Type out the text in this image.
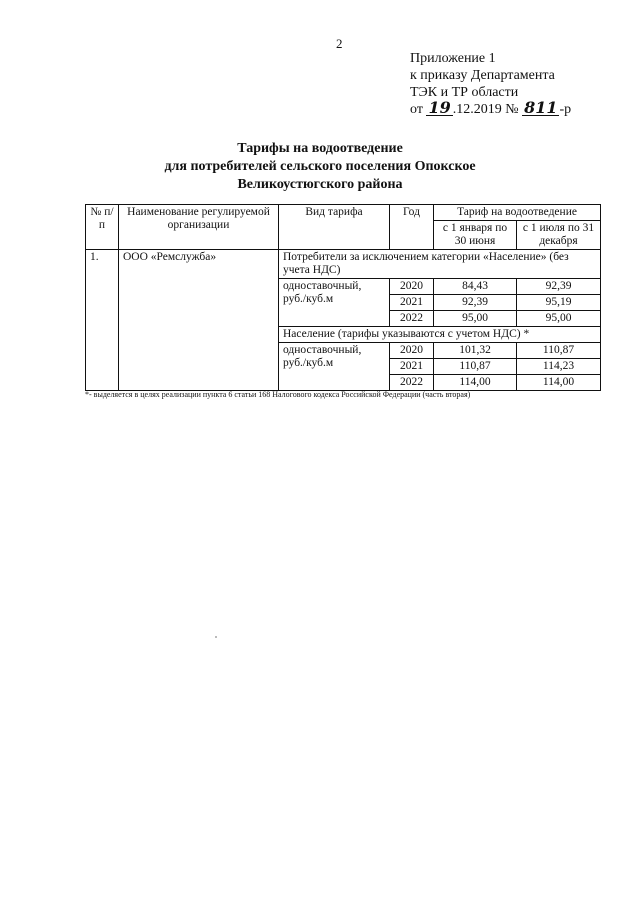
2
Приложение 1
к приказу Департамента
ТЭК и ТР области
от 19 .12.2019 № 811 -р
Тарифы на водоотведение
для потребителей сельского поселения Опокское
Великоустюгского района
№ п/п	Наименование регулируемой организации	Вид тарифа	Год	Тариф на водоотведение	
				с 1 января по 30 июня	с 1 июля по 31 декабря
1.	ООО «Ремслужба»	Потребители за исключением категории «Население» (без учета НДС)			
		одноставочный, руб./куб.м	2020	84,43	92,39
			2021	92,39	95,19
			2022	95,00	95,00
		Население (тарифы указываются с учетом НДС) *			
		одноставочный, руб./куб.м	2020	101,32	110,87
			2021	110,87	114,23
			2022	114,00	114,00
*- выделяется в целях реализации пункта 6 статьи 168 Налогового кодекса Российской Федерации (часть вторая)
